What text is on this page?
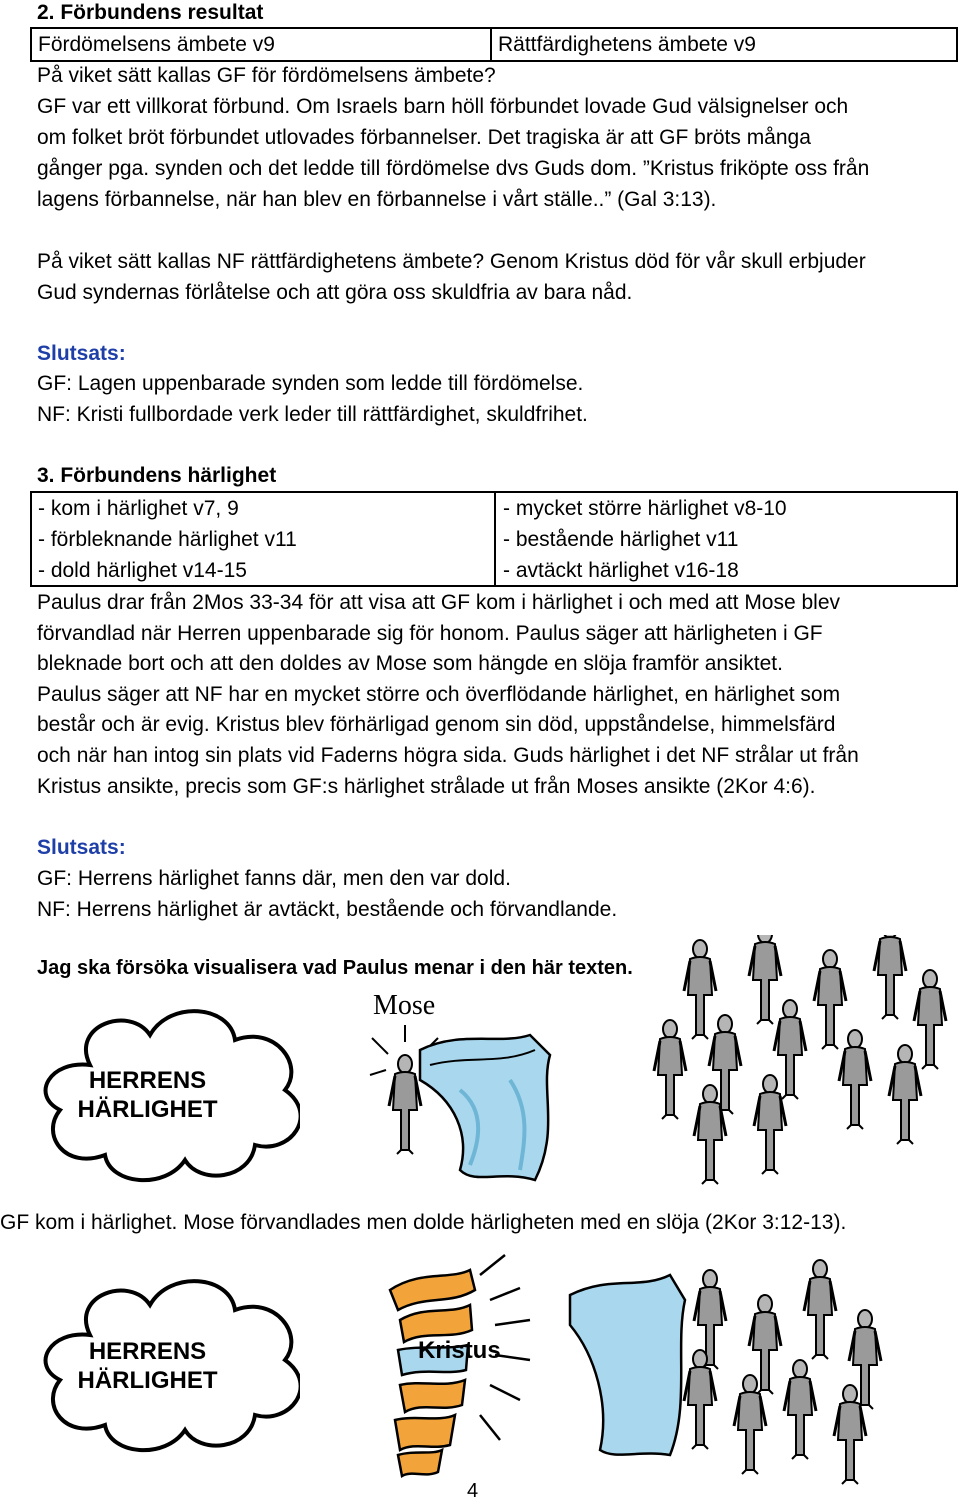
2. Förbundens resultat
Fördömelsens ämbete v9	Rättfärdighetens ämbete v9
På viket sätt kallas GF för fördömelsens ämbete?
GF var ett villkorat förbund. Om Israels barn höll förbundet lovade Gud välsignelser och
om folket bröt förbundet utlovades förbannelser. Det tragiska är att GF bröts många
gånger pga. synden och det ledde till fördömelse dvs Guds dom. ”Kristus friköpte oss från
lagens förbannelse, när han blev en förbannelse i vårt ställe..” (Gal 3:13).
På viket sätt kallas NF rättfärdighetens ämbete? Genom Kristus död för vår skull erbjuder
Gud syndernas förlåtelse och att göra oss skuldfria av bara nåd.
Slutsats:
GF: Lagen uppenbarade synden som ledde till fördömelse.
NF: Kristi fullbordade verk leder till rättfärdighet, skuldfrihet.
3. Förbundens härlighet
- kom i härlighet v7, 9
- förbleknande härlighet v11
- dold härlighet v14-15
- mycket större härlighet v8-10
- bestående härlighet v11
- avtäckt härlighet v16-18
Paulus drar från 2Mos 33-34 för att visa att GF kom i härlighet i och med att Mose blev
förvandlad när Herren uppenbarade sig för honom. Paulus säger att härligheten i GF
bleknade bort och att den doldes av Mose som hängde en slöja framför ansiktet.
Paulus säger att NF har en mycket större och överflödande härlighet, en härlighet som
består och är evig. Kristus blev förhärligad genom sin död, uppståndelse, himmelsfärd
och när han intog sin plats vid Faderns högra sida. Guds härlighet i det NF strålar ut från
Kristus ansikte, precis som GF:s härlighet strålade ut från Moses ansikte (2Kor 4:6).
Slutsats:
GF: Herrens härlighet fanns där, men den var dold.
NF: Herrens härlighet är avtäckt, bestående och förvandlande.
Jag ska försöka visualisera vad Paulus menar i den här texten.
HERRENS
HÄRLIGHET
Mose
GF kom i härlighet. Mose förvandlades men dolde härligheten med en slöja (2Kor 3:12-13).
HERRENS
HÄRLIGHET
Kristus
4
